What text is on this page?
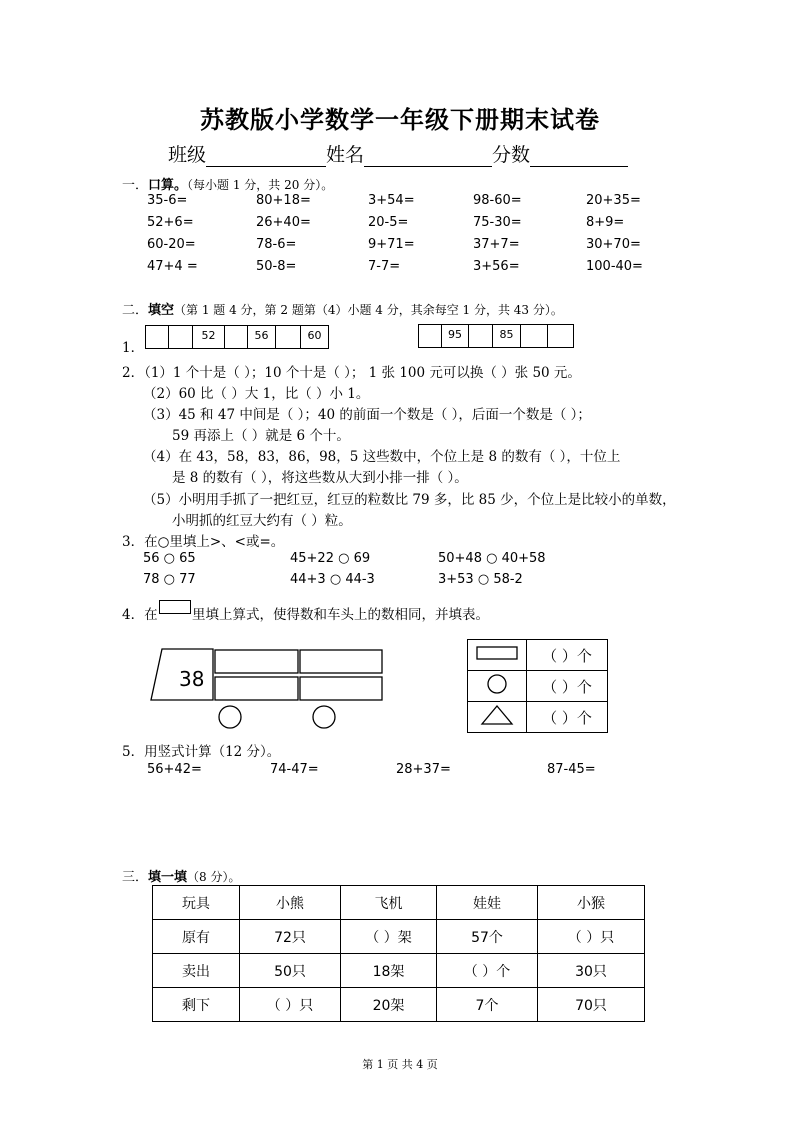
苏教版小学数学一年级下册期末试卷
班级	姓名	分数
一．口算。（每小题 1 分，共 20 分）。
35-6=	80+18=	3+54=	98-60=	20+35=
52+6=	26+40=	20-5=	75-30=	8+9=
60-20=	78-6=	9+71=	37+7=	30+70=
47+4 =	50-8=	7-7=	3+56=	100-40=
二．填空（第 1 题 4 分，第 2 题第（4）小题 4 分，其余每空 1 分，共 43 分）。
1．
52	56	60	95	85
2．（1）1 个十是（ ）；10 个十是（ ）； 1 张 100 元可以换（ ）张 50 元。
（2）60 比（ ）大 1，比（ ）小 1。
（3）45 和 47 中间是（ ）；40 的前面一个数是（ ），后面一个数是（ ）；
59 再添上（ ）就是 6 个十。
（4）在 43，58，83，86，98，5 这些数中，个位上是 8 的数有（ ），十位上
是 8 的数有（ ），将这些数从大到小排一排（ ）。
（5）小明用手抓了一把红豆，红豆的粒数比 79 多，比 85 少，个位上是比较小的单数，
小明抓的红豆大约有（ ）粒。
3．在○里填上>、<或=。
56 ○ 65	45+22 ○ 69	50+48 ○ 40+58
78 ○ 77	44+3 ○ 44-3	3+53 ○ 58-2
4．在	里填上算式，使得数和车头上的数相同，并填表。
38
	（ ）个
	（ ）个
	（ ）个
5．用竖式计算（12 分）。
56+42=	74-47=	28+37=	87-45=
三．填一填（8 分）。
玩具	小熊	飞机	娃娃	小猴
原有	72只	（ ）架	57个	（ ）只
卖出	50只	18架	（ ）个	30只
剩下	（ ）只	20架	7个	70只
第 1 页 共 4 页
